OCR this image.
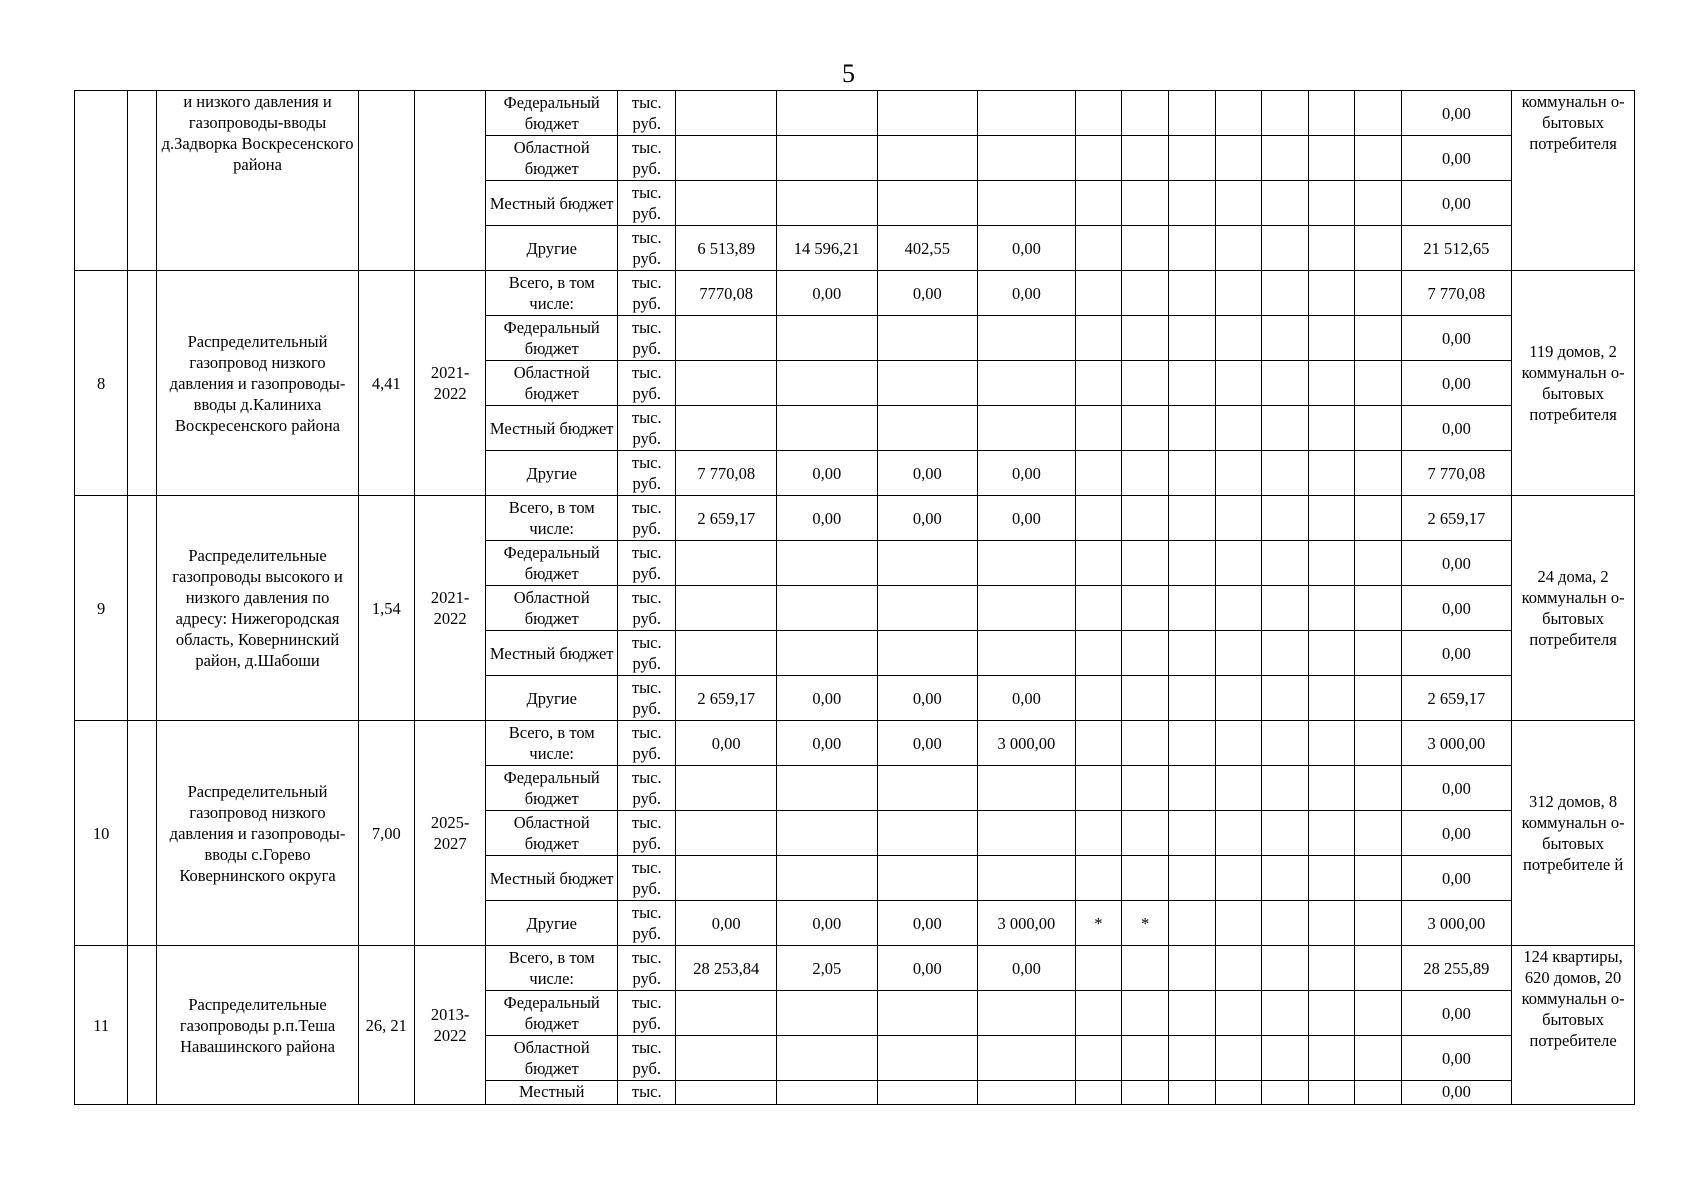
5
		и низкого давления и газопроводы-вводы д.Задворка Воскресенского района			Федеральный бюджет	тыс. руб.												0,00	коммунальн о-бытовых потребителя
					Областной бюджет	тыс. руб.												0,00	
					Местный бюджет	тыс. руб.												0,00	
					Другие	тыс. руб.	6 513,89	14 596,21	402,55	0,00								21 512,65	
8		Распределительный газопровод низкого давления и газопроводы-вводы д.Калиниха Воскресенского района	4,41	2021-2022	Всего, в том числе:	тыс. руб.	7770,08	0,00	0,00	0,00								7 770,08	119 домов, 2 коммунальн о-бытовых потребителя
					Федеральный бюджет	тыс. руб.												0,00	
					Областной бюджет	тыс. руб.												0,00	
					Местный бюджет	тыс. руб.												0,00	
					Другие	тыс. руб.	7 770,08	0,00	0,00	0,00								7 770,08	
9		Распределительные газопроводы высокого и низкого давления по адресу: Нижегородская область, Ковернинский район, д.Шабоши	1,54	2021-2022	Всего, в том числе:	тыс. руб.	2 659,17	0,00	0,00	0,00								2 659,17	24 дома, 2 коммунальн о-бытовых потребителя
					Федеральный бюджет	тыс. руб.												0,00	
					Областной бюджет	тыс. руб.												0,00	
					Местный бюджет	тыс. руб.												0,00	
					Другие	тыс. руб.	2 659,17	0,00	0,00	0,00								2 659,17	
10		Распределительный газопровод низкого давления и газопроводы-вводы с.Горево Ковернинского округа	7,00	2025-2027	Всего, в том числе:	тыс. руб.	0,00	0,00	0,00	3 000,00								3 000,00	312 домов, 8 коммунальн о-бытовых потребителе й
					Федеральный бюджет	тыс. руб.												0,00	
					Областной бюджет	тыс. руб.												0,00	
					Местный бюджет	тыс. руб.												0,00	
					Другие	тыс. руб.	0,00	0,00	0,00	3 000,00	*	*						3 000,00	
11		Распределительные газопроводы р.п.Теша Навашинского района	26, 21	2013-2022	Всего, в том числе:	тыс. руб.	28 253,84	2,05	0,00	0,00								28 255,89	124 квартиры, 620 домов, 20 коммунальн о-бытовых потребителе
					Федеральный бюджет	тыс. руб.												0,00	
					Областной бюджет	тыс. руб.												0,00	
					Местный	тыс.												0,00	
